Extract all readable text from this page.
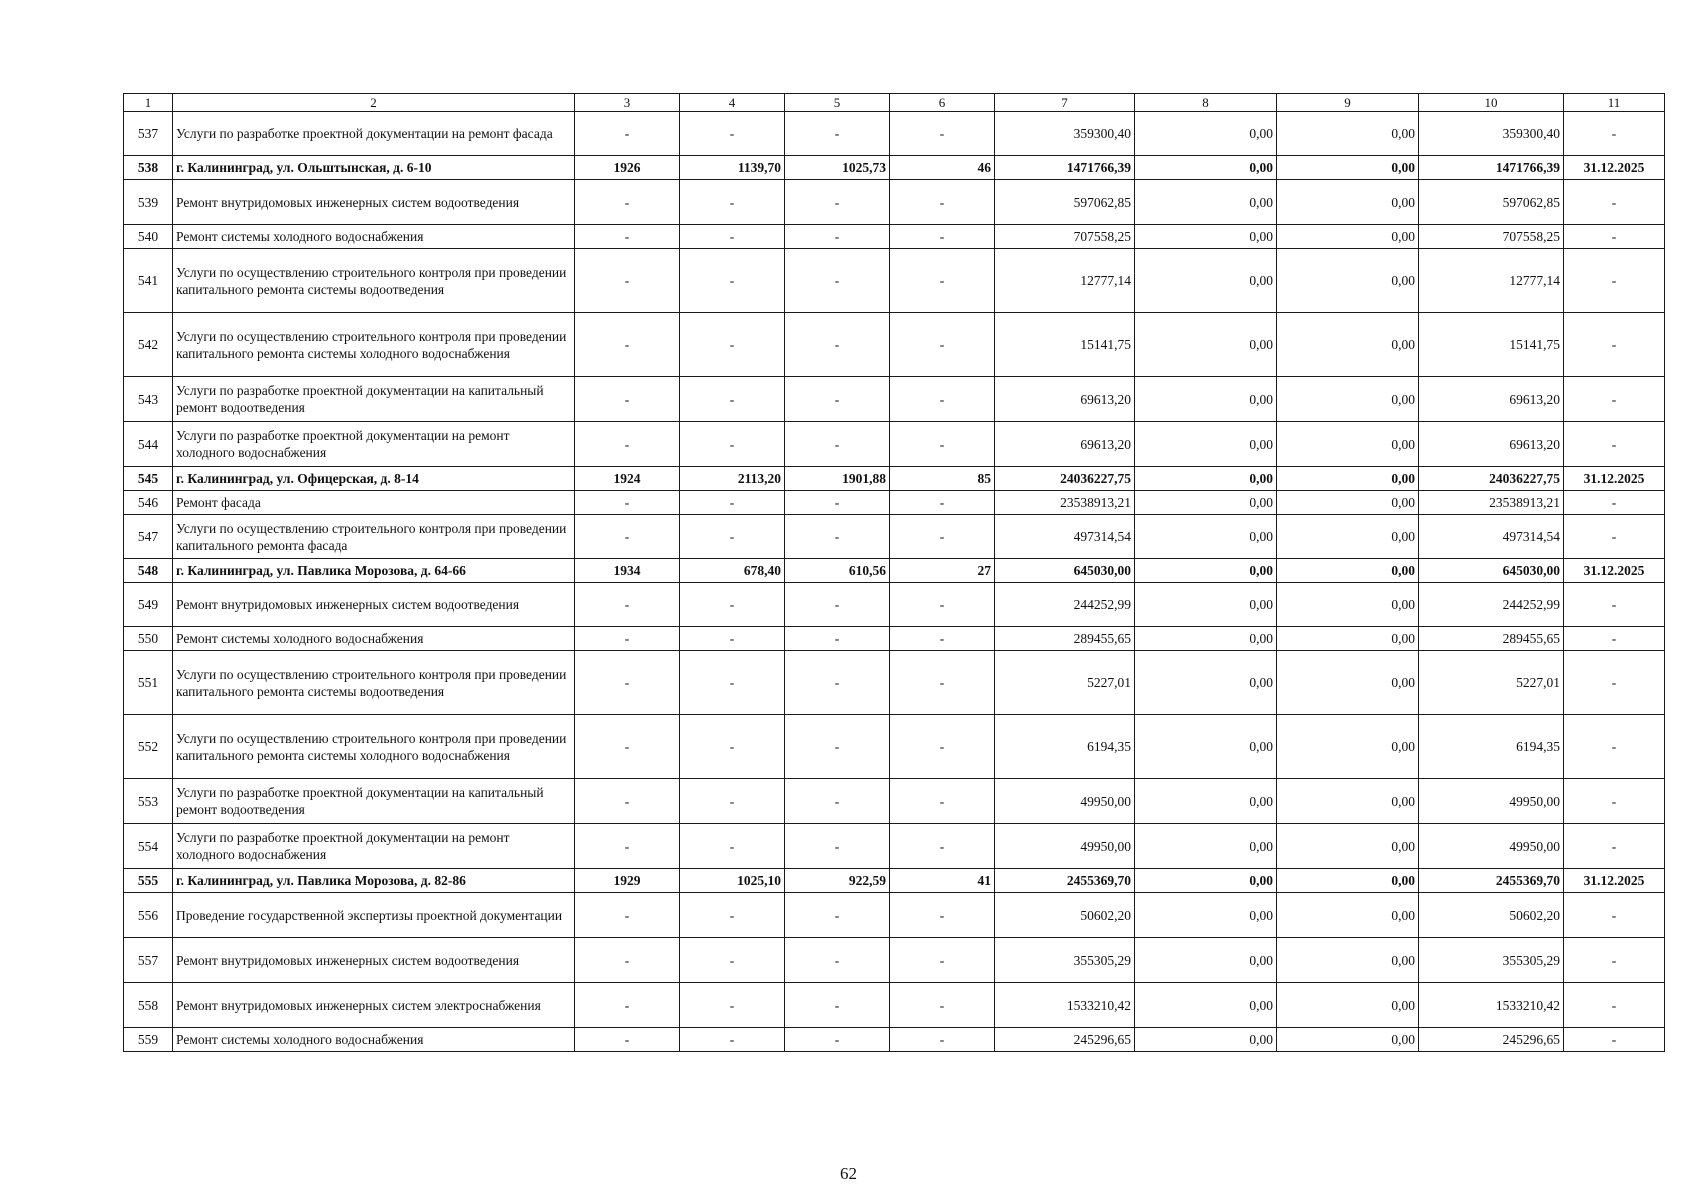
1	2	3	4	5	6	7	8	9	10	11
537	Услуги по разработке проектной документации на ремонт фасада	-	-	-	-	359300,40	0,00	0,00	359300,40	-
538	г. Калининград, ул. Ольштынская, д. 6-10	1926	1139,70	1025,73	46	1471766,39	0,00	0,00	1471766,39	31.12.2025
539	Ремонт внутридомовых инженерных систем водоотведения	-	-	-	-	597062,85	0,00	0,00	597062,85	-
540	Ремонт системы холодного водоснабжения	-	-	-	-	707558,25	0,00	0,00	707558,25	-
541	Услуги по осуществлению строительного контроля при проведении капитального ремонта системы водоотведения	-	-	-	-	12777,14	0,00	0,00	12777,14	-
542	Услуги по осуществлению строительного контроля при проведении капитального ремонта системы холодного водоснабжения	-	-	-	-	15141,75	0,00	0,00	15141,75	-
543	Услуги по разработке проектной документации на капитальный ремонт водоотведения	-	-	-	-	69613,20	0,00	0,00	69613,20	-
544	Услуги по разработке проектной документации на ремонт холодного водоснабжения	-	-	-	-	69613,20	0,00	0,00	69613,20	-
545	г. Калининград, ул. Офицерская, д. 8-14	1924	2113,20	1901,88	85	24036227,75	0,00	0,00	24036227,75	31.12.2025
546	Ремонт фасада	-	-	-	-	23538913,21	0,00	0,00	23538913,21	-
547	Услуги по осуществлению строительного контроля при проведении капитального ремонта фасада	-	-	-	-	497314,54	0,00	0,00	497314,54	-
548	г. Калининград, ул. Павлика Морозова, д. 64-66	1934	678,40	610,56	27	645030,00	0,00	0,00	645030,00	31.12.2025
549	Ремонт внутридомовых инженерных систем водоотведения	-	-	-	-	244252,99	0,00	0,00	244252,99	-
550	Ремонт системы холодного водоснабжения	-	-	-	-	289455,65	0,00	0,00	289455,65	-
551	Услуги по осуществлению строительного контроля при проведении капитального ремонта системы водоотведения	-	-	-	-	5227,01	0,00	0,00	5227,01	-
552	Услуги по осуществлению строительного контроля при проведении капитального ремонта системы холодного водоснабжения	-	-	-	-	6194,35	0,00	0,00	6194,35	-
553	Услуги по разработке проектной документации на капитальный ремонт водоотведения	-	-	-	-	49950,00	0,00	0,00	49950,00	-
554	Услуги по разработке проектной документации на ремонт холодного водоснабжения	-	-	-	-	49950,00	0,00	0,00	49950,00	-
555	г. Калининград, ул. Павлика Морозова, д. 82-86	1929	1025,10	922,59	41	2455369,70	0,00	0,00	2455369,70	31.12.2025
556	Проведение государственной экспертизы проектной документации	-	-	-	-	50602,20	0,00	0,00	50602,20	-
557	Ремонт внутридомовых инженерных систем водоотведения	-	-	-	-	355305,29	0,00	0,00	355305,29	-
558	Ремонт внутридомовых инженерных систем электроснабжения	-	-	-	-	1533210,42	0,00	0,00	1533210,42	-
559	Ремонт системы холодного водоснабжения	-	-	-	-	245296,65	0,00	0,00	245296,65	-
62
